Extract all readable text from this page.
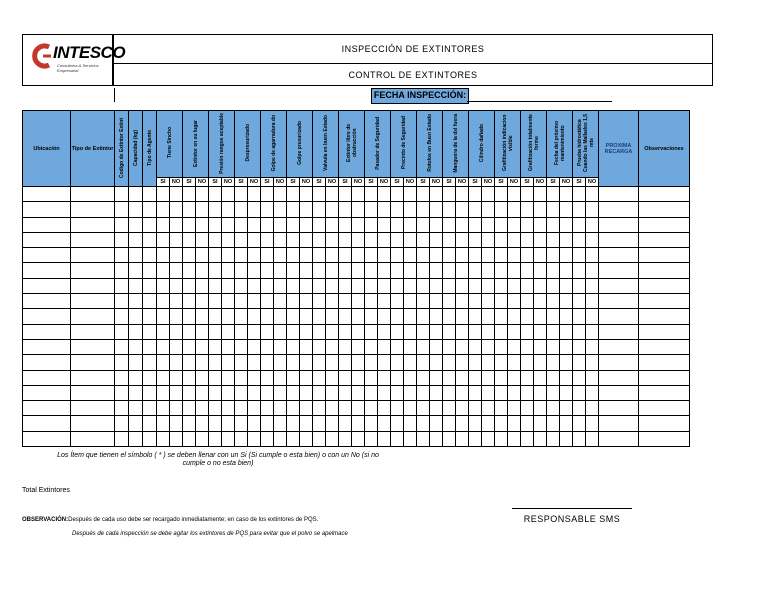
INTESCO
Consultoría & Servicios Empresarial
INSPECCIÓN DE EXTINTORES
CONTROL DE EXTINTORES
FECHA INSPECCIÓN:
Ubicación	Tipo de Extintor	Codigo de Extintor Extint	Capacidad (kg)	Tipo de Agente	Tiene Sincho		Extintor en su lugar		Presión rangos aceptable		Despresurizado		Golpe de agarradura do		Golpe presurizado		Valvula en buen Estado		Extintor libre de obstrucción		Pasador de Seguridad		Precinto de Seguridad		Rotulos en Buen Estado		Manguera de la dsl fuera		Cilindro dañado		Grafitización indicacion visible		Grafitización totalmente forme		Fecha del próximo mantenimiento		Prueba hidrostática Cuando las Mallados 1,5 mts		PROXIMA RECARGA	Observaciones
					SI	NO	SI	NO	SI	NO	SI	NO	SI	NO	SI	NO	SI	NO	SI	NO	SI	NO	SI	NO	SI	NO	SI	NO	SI	NO	SI	NO	SI	NO	SI	NO	SI	NO		

Los Ítem que tienen el símbolo ( * ) se deben llenar con un Si (Si cumple o esta bien) o con un No (si no
cumple o no esta bien)
Total Extintores
OBSERVACIÓN:Después de cada uso debe ser recargado inmediatamente; en caso de los extintores de PQS.
Después de cada inspección se debe agitar los extintores de PQS para evitar que el polvo se apelmace
RESPONSABLE SMS
